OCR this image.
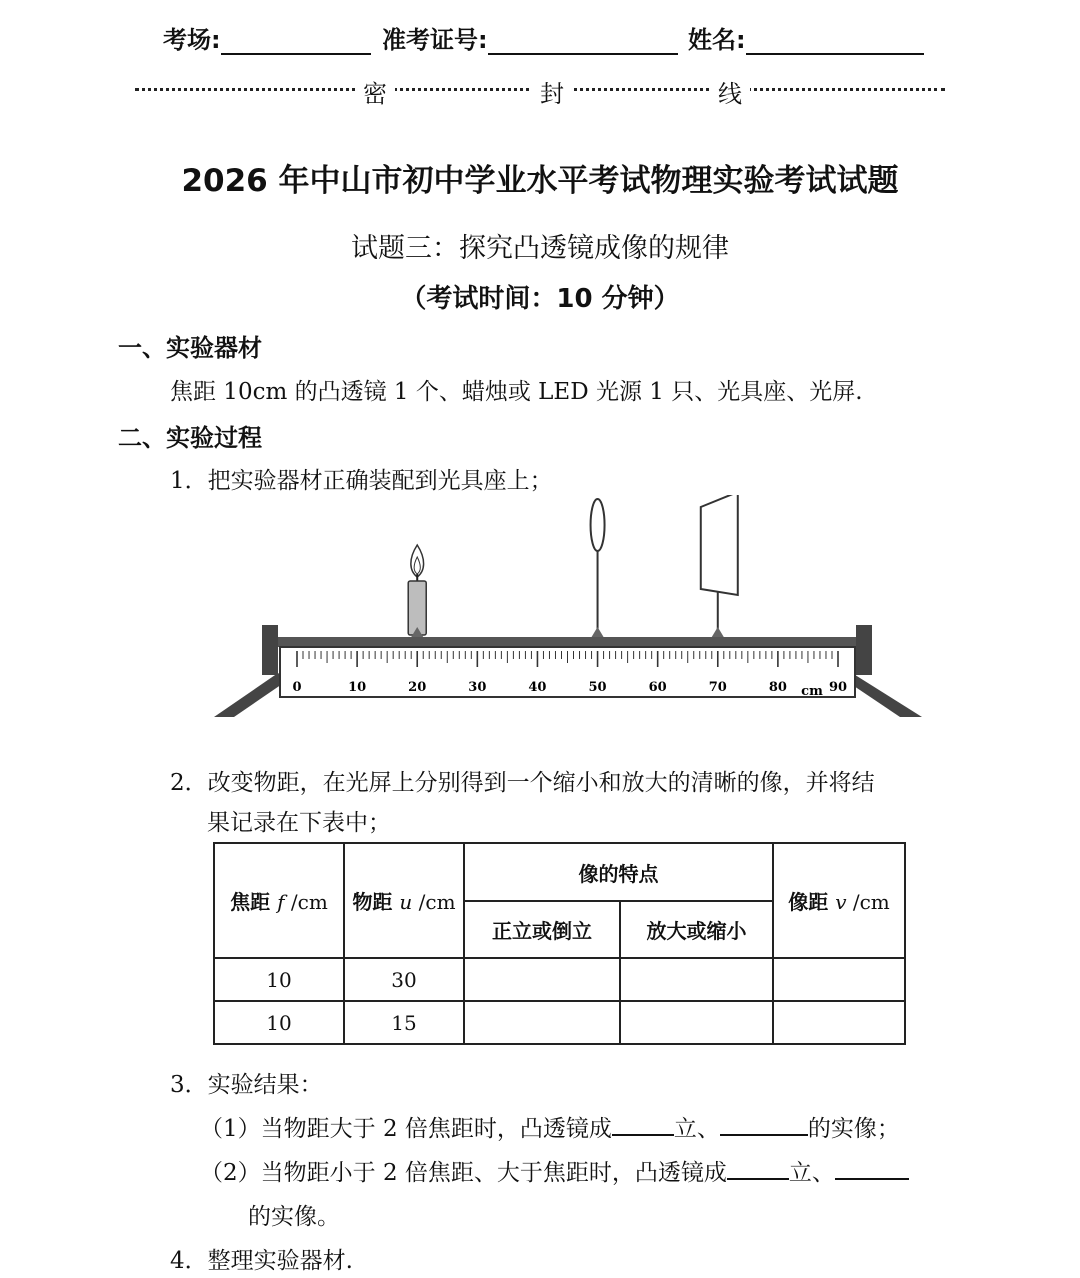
考场:	准考证号:	姓名:
密	封	线
2026 年中山市初中学业水平考试物理实验考试试题
试题三：探究凸透镜成像的规律
（考试时间：10 分钟）
一、实验器材
焦距 10cm 的凸透镜 1 个、蜡烛或 LED 光源 1 只、光具座、光屏.
二、实验过程
1．把实验器材正确装配到光具座上；
0	10	20	30	40	50	60	70	80	90
cm
2．改变物距，在光屏上分别得到一个缩小和放大的清晰的像，并将结
果记录在下表中；
焦距 f /cm	物距 u /cm	像的特点		像距 v /cm
		正立或倒立	放大或缩小	
10	30			
10	15			
3．实验结果：
（1）当物距大于 2 倍焦距时，凸透镜成	立、	的实像；
（2）当物距小于 2 倍焦距、大于焦距时，凸透镜成	立、
的实像。
4．整理实验器材.
